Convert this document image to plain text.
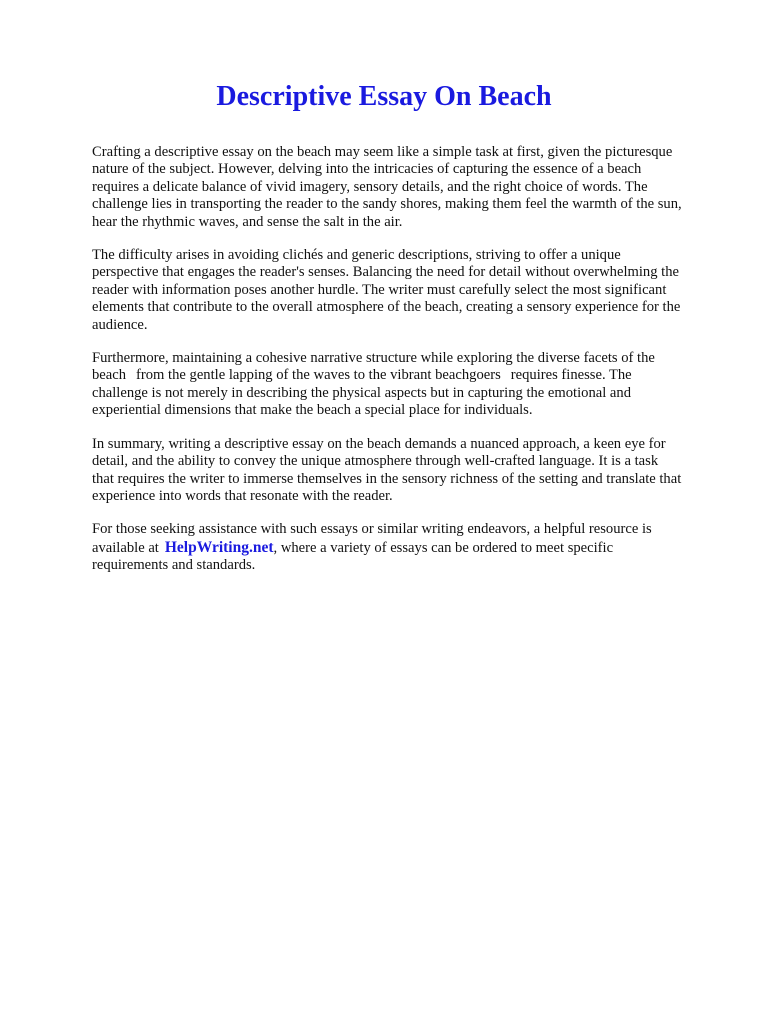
Descriptive Essay On Beach

Crafting a descriptive essay on the beach may seem like a simple task at first, given the picturesque
nature of the subject. However, delving into the intricacies of capturing the essence of a beach
requires a delicate balance of vivid imagery, sensory details, and the right choice of words. The
challenge lies in transporting the reader to the sandy shores, making them feel the warmth of the sun,
hear the rhythmic waves, and sense the salt in the air.

The difficulty arises in avoiding clichés and generic descriptions, striving to offer a unique
perspective that engages the reader's senses. Balancing the need for detail without overwhelming the
reader with information poses another hurdle. The writer must carefully select the most significant
elements that contribute to the overall atmosphere of the beach, creating a sensory experience for the
audience.

Furthermore, maintaining a cohesive narrative structure while exploring the diverse facets of the
beach from the gentle lapping of the waves to the vibrant beachgoers requires finesse. The
challenge is not merely in describing the physical aspects but in capturing the emotional and
experiential dimensions that make the beach a special place for individuals.

In summary, writing a descriptive essay on the beach demands a nuanced approach, a keen eye for
detail, and the ability to convey the unique atmosphere through well-crafted language. It is a task
that requires the writer to immerse themselves in the sensory richness of the setting and translate that
experience into words that resonate with the reader.

For those seeking assistance with such essays or similar writing endeavors, a helpful resource is
available at HelpWriting.net, where a variety of essays can be ordered to meet specific
requirements and standards.
